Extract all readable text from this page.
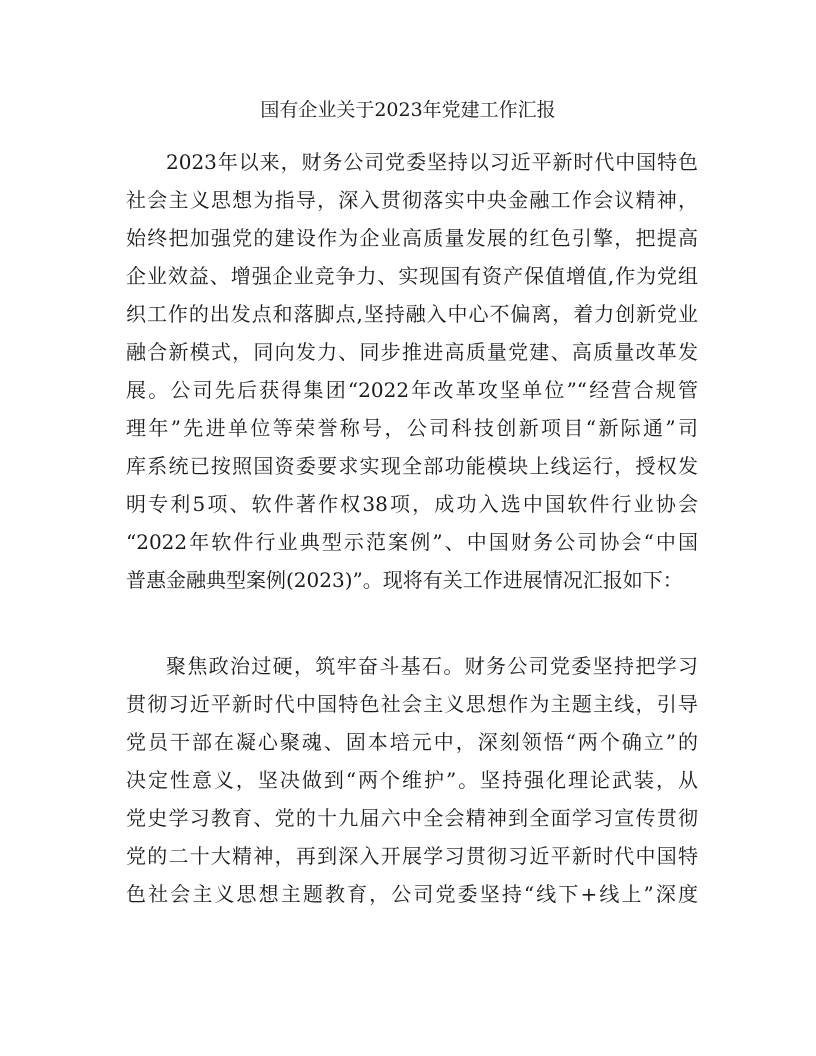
国有企业关于2023年党建工作汇报
2023年以来，财务公司党委坚持以习近平新时代中国特色
社会主义思想为指导，深入贯彻落实中央金融工作会议精神，
始终把加强党的建设作为企业高质量发展的红色引擎，把提高
企业效益、增强企业竞争力、实现国有资产保值增值,作为党组
织工作的出发点和落脚点,坚持融入中心不偏离，着力创新党业
融合新模式，同向发力、同步推进高质量党建、高质量改革发
展。公司先后获得集团“2022年改革攻坚单位”“经营合规管
理年”先进单位等荣誉称号，公司科技创新项目“新际通”司
库系统已按照国资委要求实现全部功能模块上线运行，授权发
明专利5项、软件著作权38项，成功入选中国软件行业协会
“2022年软件行业典型示范案例”、中国财务公司协会“中国
普惠金融典型案例(2023)”。现将有关工作进展情况汇报如下：
聚焦政治过硬，筑牢奋斗基石。财务公司党委坚持把学习
贯彻习近平新时代中国特色社会主义思想作为主题主线，引导
党员干部在凝心聚魂、固本培元中，深刻领悟“两个确立”的
决定性意义，坚决做到“两个维护”。坚持强化理论武装，从
党史学习教育、党的十九届六中全会精神到全面学习宣传贯彻
党的二十大精神，再到深入开展学习贯彻习近平新时代中国特
色社会主义思想主题教育，公司党委坚持“线下+线上”深度
